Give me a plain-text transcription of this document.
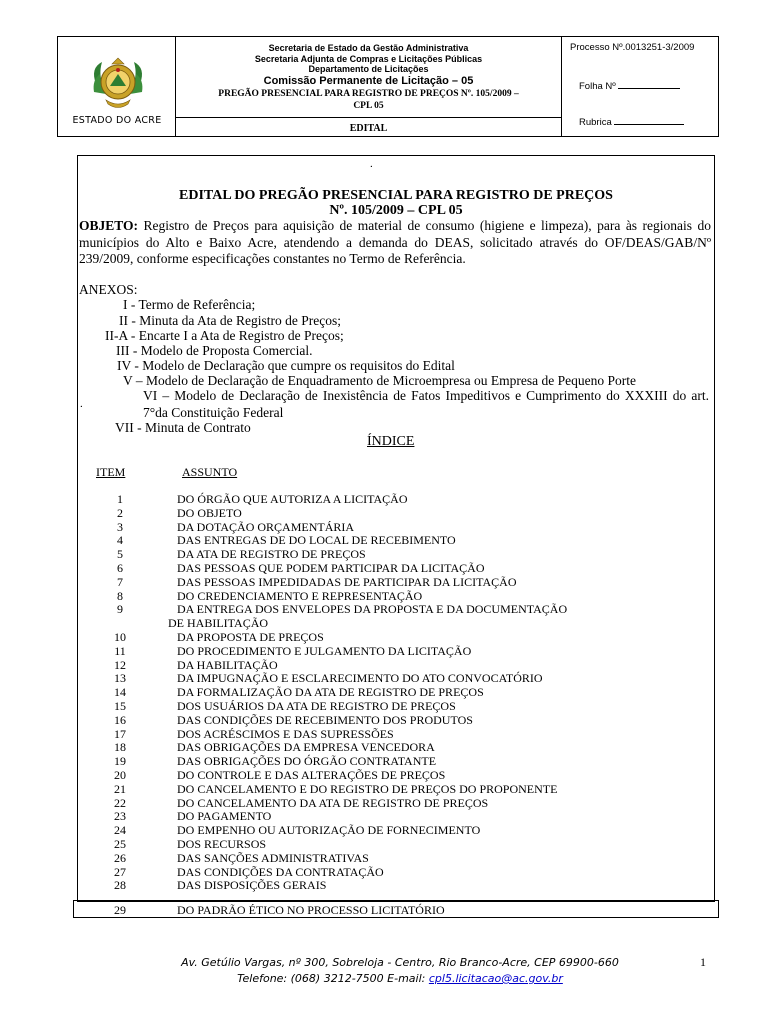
ESTADO DO ACRE
Secretaria de Estado da Gestão Administrativa
Secretaria Adjunta de Compras e Licitações Públicas
Departamento de Licitações
Comissão Permanente de Licitação – 05
PREGÃO PRESENCIAL PARA REGISTRO DE PREÇOS Nº. 105/2009 –
CPL 05
EDITAL
Processo Nº.0013251-3/2009
Folha Nº
Rubrica
.
EDITAL DO PREGÃO PRESENCIAL PARA REGISTRO DE PREÇOS
Nº. 105/2009 – CPL 05
OBJETO: Registro de Preços para aquisição de material de consumo (higiene e limpeza), para às regionais do municípios do Alto e Baixo Acre, atendendo a demanda do DEAS, solicitado através do OF/DEAS/GAB/Nº 239/2009, conforme especificações constantes no Termo de Referência.
ANEXOS:
I - Termo de Referência;
II - Minuta da Ata de Registro de Preços;
II-A - Encarte I a Ata de Registro de Preços;
III - Modelo de Proposta Comercial.
IV - Modelo de Declaração que cumpre os requisitos do Edital
V – Modelo de Declaração de Enquadramento de Microempresa ou Empresa de Pequeno Porte
VI – Modelo de Declaração de Inexistência de Fatos Impeditivos e Cumprimento do XXXIII do art. 7°da Constituição Federal
.
VII - Minuta de Contrato
ÍNDICE
ITEM	ASSUNTO
1	DO ÓRGÃO QUE AUTORIZA A LICITAÇÃO
2	DO OBJETO
3	DA DOTAÇÃO ORÇAMENTÁRIA
4	DAS ENTREGAS DE DO LOCAL DE RECEBIMENTO
5	DA ATA DE REGISTRO DE PREÇOS
6	DAS PESSOAS QUE PODEM PARTICIPAR DA LICITAÇÃO
7	DAS PESSOAS IMPEDIDADAS DE PARTICIPAR DA LICITAÇÃO
8	DO CREDENCIAMENTO E REPRESENTAÇÃO
9	DA ENTREGA DOS ENVELOPES DA PROPOSTA E DA DOCUMENTAÇÃO
DE HABILITAÇÃO
10	DA PROPOSTA DE PREÇOS
11	DO PROCEDIMENTO E JULGAMENTO DA LICITAÇÃO
12	DA HABILITAÇÃO
13	DA IMPUGNAÇÃO E ESCLARECIMENTO DO ATO CONVOCATÓRIO
14	DA FORMALIZAÇÃO DA ATA DE REGISTRO DE PREÇOS
15	DOS USUÁRIOS DA ATA DE REGISTRO DE PREÇOS
16	DAS CONDIÇÕES DE RECEBIMENTO DOS PRODUTOS
17	DOS ACRÉSCIMOS E DAS SUPRESSÕES
18	DAS OBRIGAÇÕES DA EMPRESA VENCEDORA
19	DAS OBRIGAÇÕES DO ÓRGÃO CONTRATANTE
20	DO CONTROLE E DAS ALTERAÇÕES DE PREÇOS
21	DO CANCELAMENTO E DO REGISTRO DE PREÇOS DO PROPONENTE
22	DO CANCELAMENTO DA ATA DE REGISTRO DE PREÇOS
23	DO PAGAMENTO
24	DO EMPENHO OU AUTORIZAÇÃO DE FORNECIMENTO
25	DOS RECURSOS
26	DAS SANÇÕES ADMINISTRATIVAS
27	DAS CONDIÇÕES DA CONTRATAÇÃO
28	DAS DISPOSIÇÕES GERAIS
29	DO PADRÃO ÉTICO NO PROCESSO LICITATÓRIO
Av. Getúlio Vargas, nº 300, Sobreloja - Centro, Rio Branco-Acre, CEP 69900-660
Telefone: (068) 3212-7500 E-mail: cpl5.licitacao@ac.gov.br
1
